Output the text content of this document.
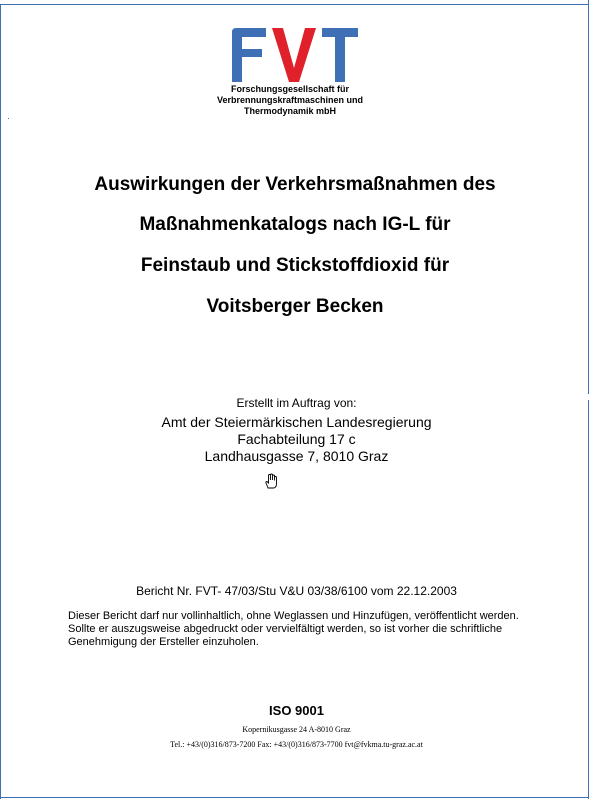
Forschungsgesellschaft für
Verbrennungskraftmaschinen und
Thermodynamik mbH
Auswirkungen der Verkehrsmaßnahmen des
Maßnahmenkatalogs nach IG-L für
Feinstaub und Stickstoffdioxid für
Voitsberger Becken
Erstellt im Auftrag von:
Amt der Steiermärkischen Landesregierung
Fachabteilung 17 c
Landhausgasse 7, 8010 Graz
Bericht Nr. FVT- 47/03/Stu V&U 03/38/6100 vom 22.12.2003
Dieser Bericht darf nur vollinhaltlich, ohne Weglassen und Hinzufügen, veröffentlicht werden. Sollte er auszugsweise abgedruckt oder vervielfältigt werden, so ist vorher die schriftliche Genehmigung der Ersteller einzuholen.
ISO 9001
Kopernikusgasse 24 A-8010 Graz
Tel.: +43/(0)316/873-7200 Fax: +43/(0)316/873-7700 fvt@fvkma.tu-graz.ac.at
